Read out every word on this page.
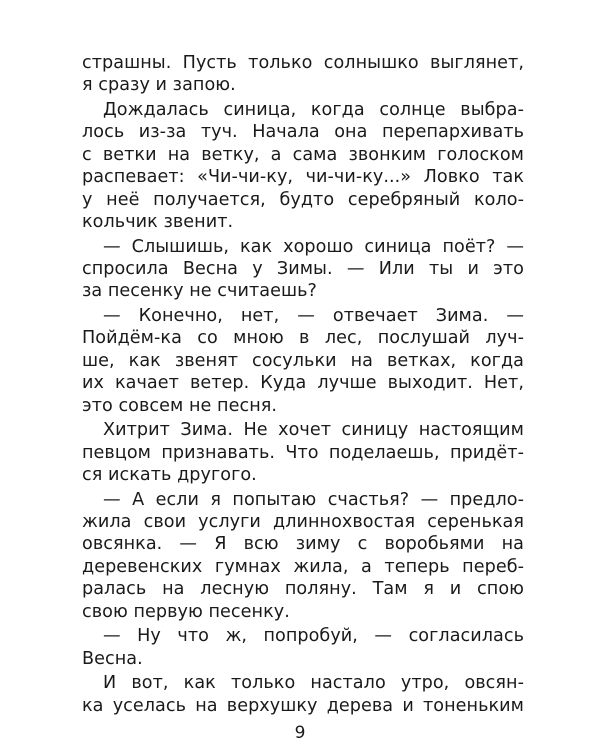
страшны. Пусть только солнышко выглянет,
я сразу и запою.
Дождалась синица, когда солнце выбра-
лось из-за туч. Начала она перепархивать
с ветки на ветку, а сама звонким голоском
распевает: «Чи-чи-ку, чи-чи-ку...» Ловко так
у неё получается, будто серебряный коло-
кольчик звенит.
— Слышишь, как хорошо синица поёт? —
спросила Весна у Зимы. — Или ты и это
за песенку не считаешь?
— Конечно, нет, — отвечает Зима. —
Пойдём-ка со мною в лес, послушай луч-
ше, как звенят сосульки на ветках, когда
их качает ветер. Куда лучше выходит. Нет,
это совсем не песня.
Хитрит Зима. Не хочет синицу настоящим
певцом признавать. Что поделаешь, придёт-
ся искать другого.
— А если я попытаю счастья? — предло-
жила свои услуги длиннохвостая серенькая
овсянка. — Я всю зиму с воробьями на
деревенских гумнах жила, а теперь переб-
ралась на лесную поляну. Там я и спою
свою первую песенку.
— Ну что ж, попробуй, — согласилась
Весна.
И вот, как только настало утро, овсян-
ка уселась на верхушку дерева и тоненьким
9
